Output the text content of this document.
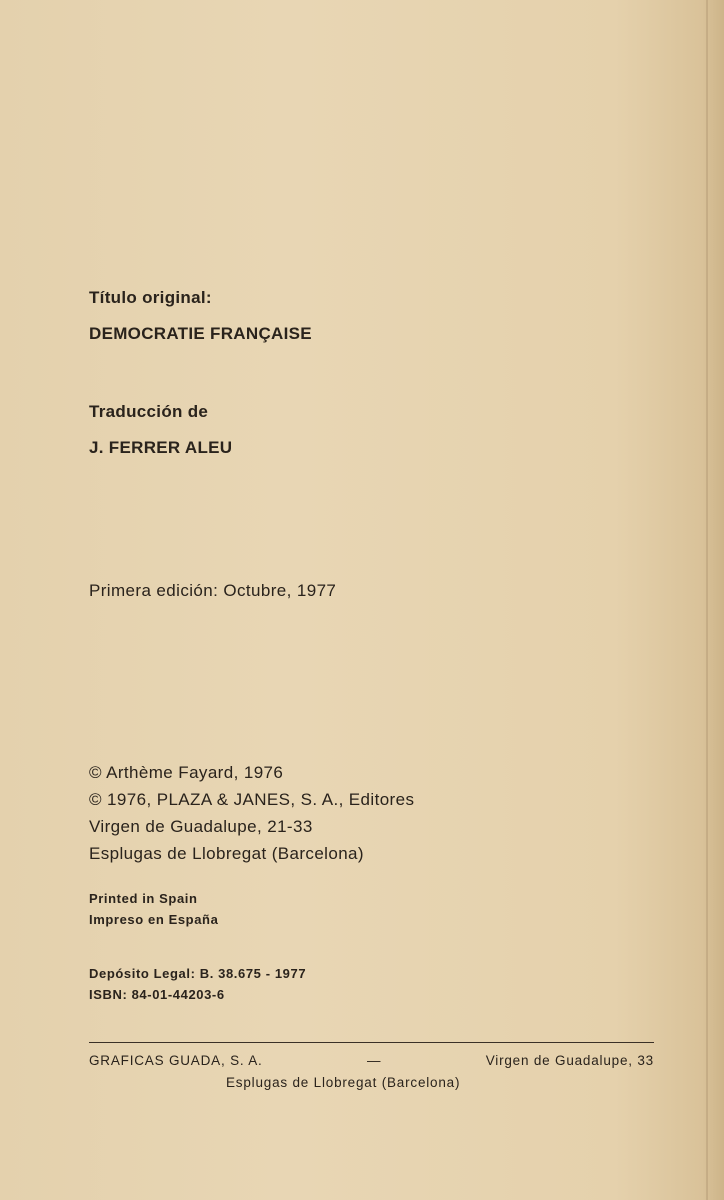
Título original:
DEMOCRATIE FRANÇAISE
Traducción de
J. FERRER ALEU
Primera edición: Octubre, 1977
© Arthème Fayard, 1976
© 1976, PLAZA & JANES, S. A., Editores
Virgen de Guadalupe, 21-33
Esplugas de Llobregat (Barcelona)
Printed in Spain
Impreso en España
Depósito Legal: B. 38.675 - 1977
ISBN: 84-01-44203-6
GRAFICAS GUADA, S. A.	—	Virgen de Guadalupe, 33
Esplugas de Llobregat (Barcelona)
